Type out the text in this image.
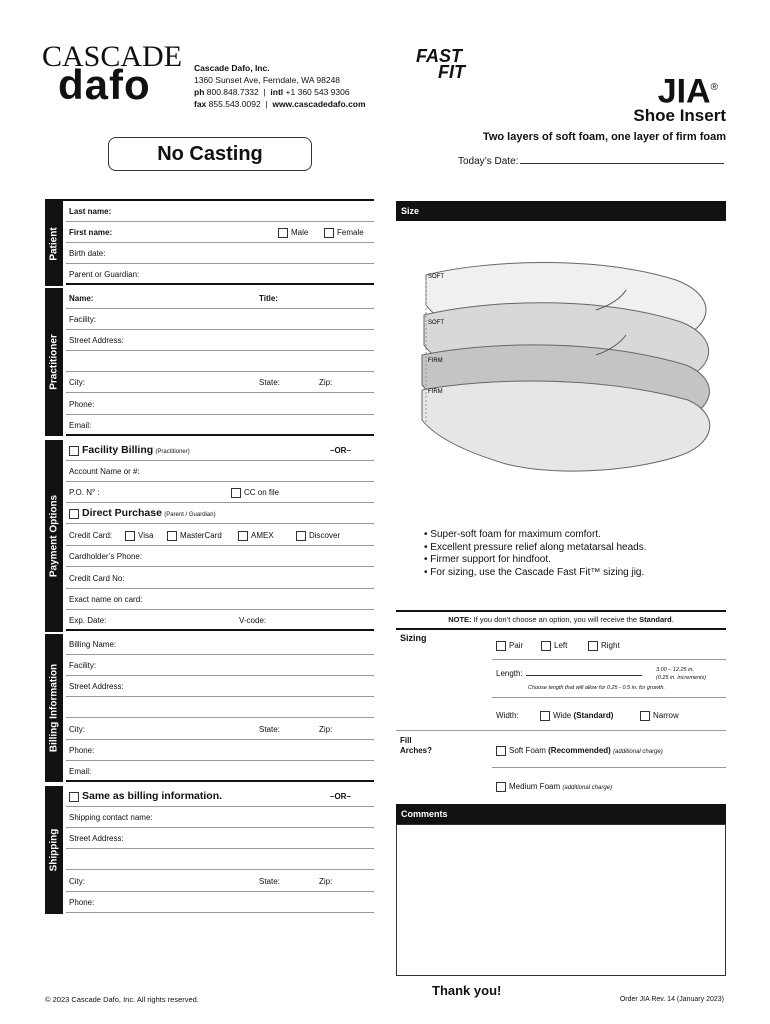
CASCADE
dafo	Cascade Dafo, Inc.
1360 Sunset Ave, Ferndale, WA 98248
ph 800.848.7332  |  intl +1 360 543 9306
fax 855.543.0092  |  www.cascadedafo.com
FAST
FIT
JIA®
Shoe Insert
Two layers of soft foam, one layer of firm foam
Today’s Date:
No Casting
Patient
Practitioner
Payment Options
Billing Information
Shipping
Last name:
First name:	Male	Female
Birth date:
Parent or Guardian:
Name:	Title:
Facility:
Street Address:
City:	State:	Zip:
Phone:
Email:
Facility Billing (Practitioner)	–OR–
Account Name or #:
P.O. N° :	CC on file
Direct Purchase (Parent / Guardian)
Credit Card:	Visa	MasterCard	AMEX	Discover
Cardholder’s Phone:
Credit Card No:
Exact name on card:
Exp. Date:	V-code:
Billing Name:
Facility:
Street Address:
City:	State:	Zip:
Phone:
Email:
Same as billing information.	–OR–
Shipping contact name:
Street Address:
City:	State:	Zip:
Phone:
Size
SOFT
SOFT
FIRM
FIRM
• Super-soft foam for maximum comfort.
• Excellent pressure relief along metatarsal heads.
• Firmer support for hindfoot.
• For sizing, use the Cascade Fast Fit™ sizing jig.
NOTE: If you don’t choose an option, you will receive the Standard.
Sizing
Pair	Left	Right
Length:	3.00 – 12.25 in.
(0.25 in. increments)
Choose length that will allow for 0.25 - 0.5 in. for growth.
Width:	Wide (Standard)	Narrow
Fill
Arches?	Soft Foam (Recommended) (additional charge)
Medium Foam (additional charge)
Comments
Thank you!
© 2023 Cascade Dafo, Inc. All rights reserved.	Order JIA Rev. 14 (January 2023)
